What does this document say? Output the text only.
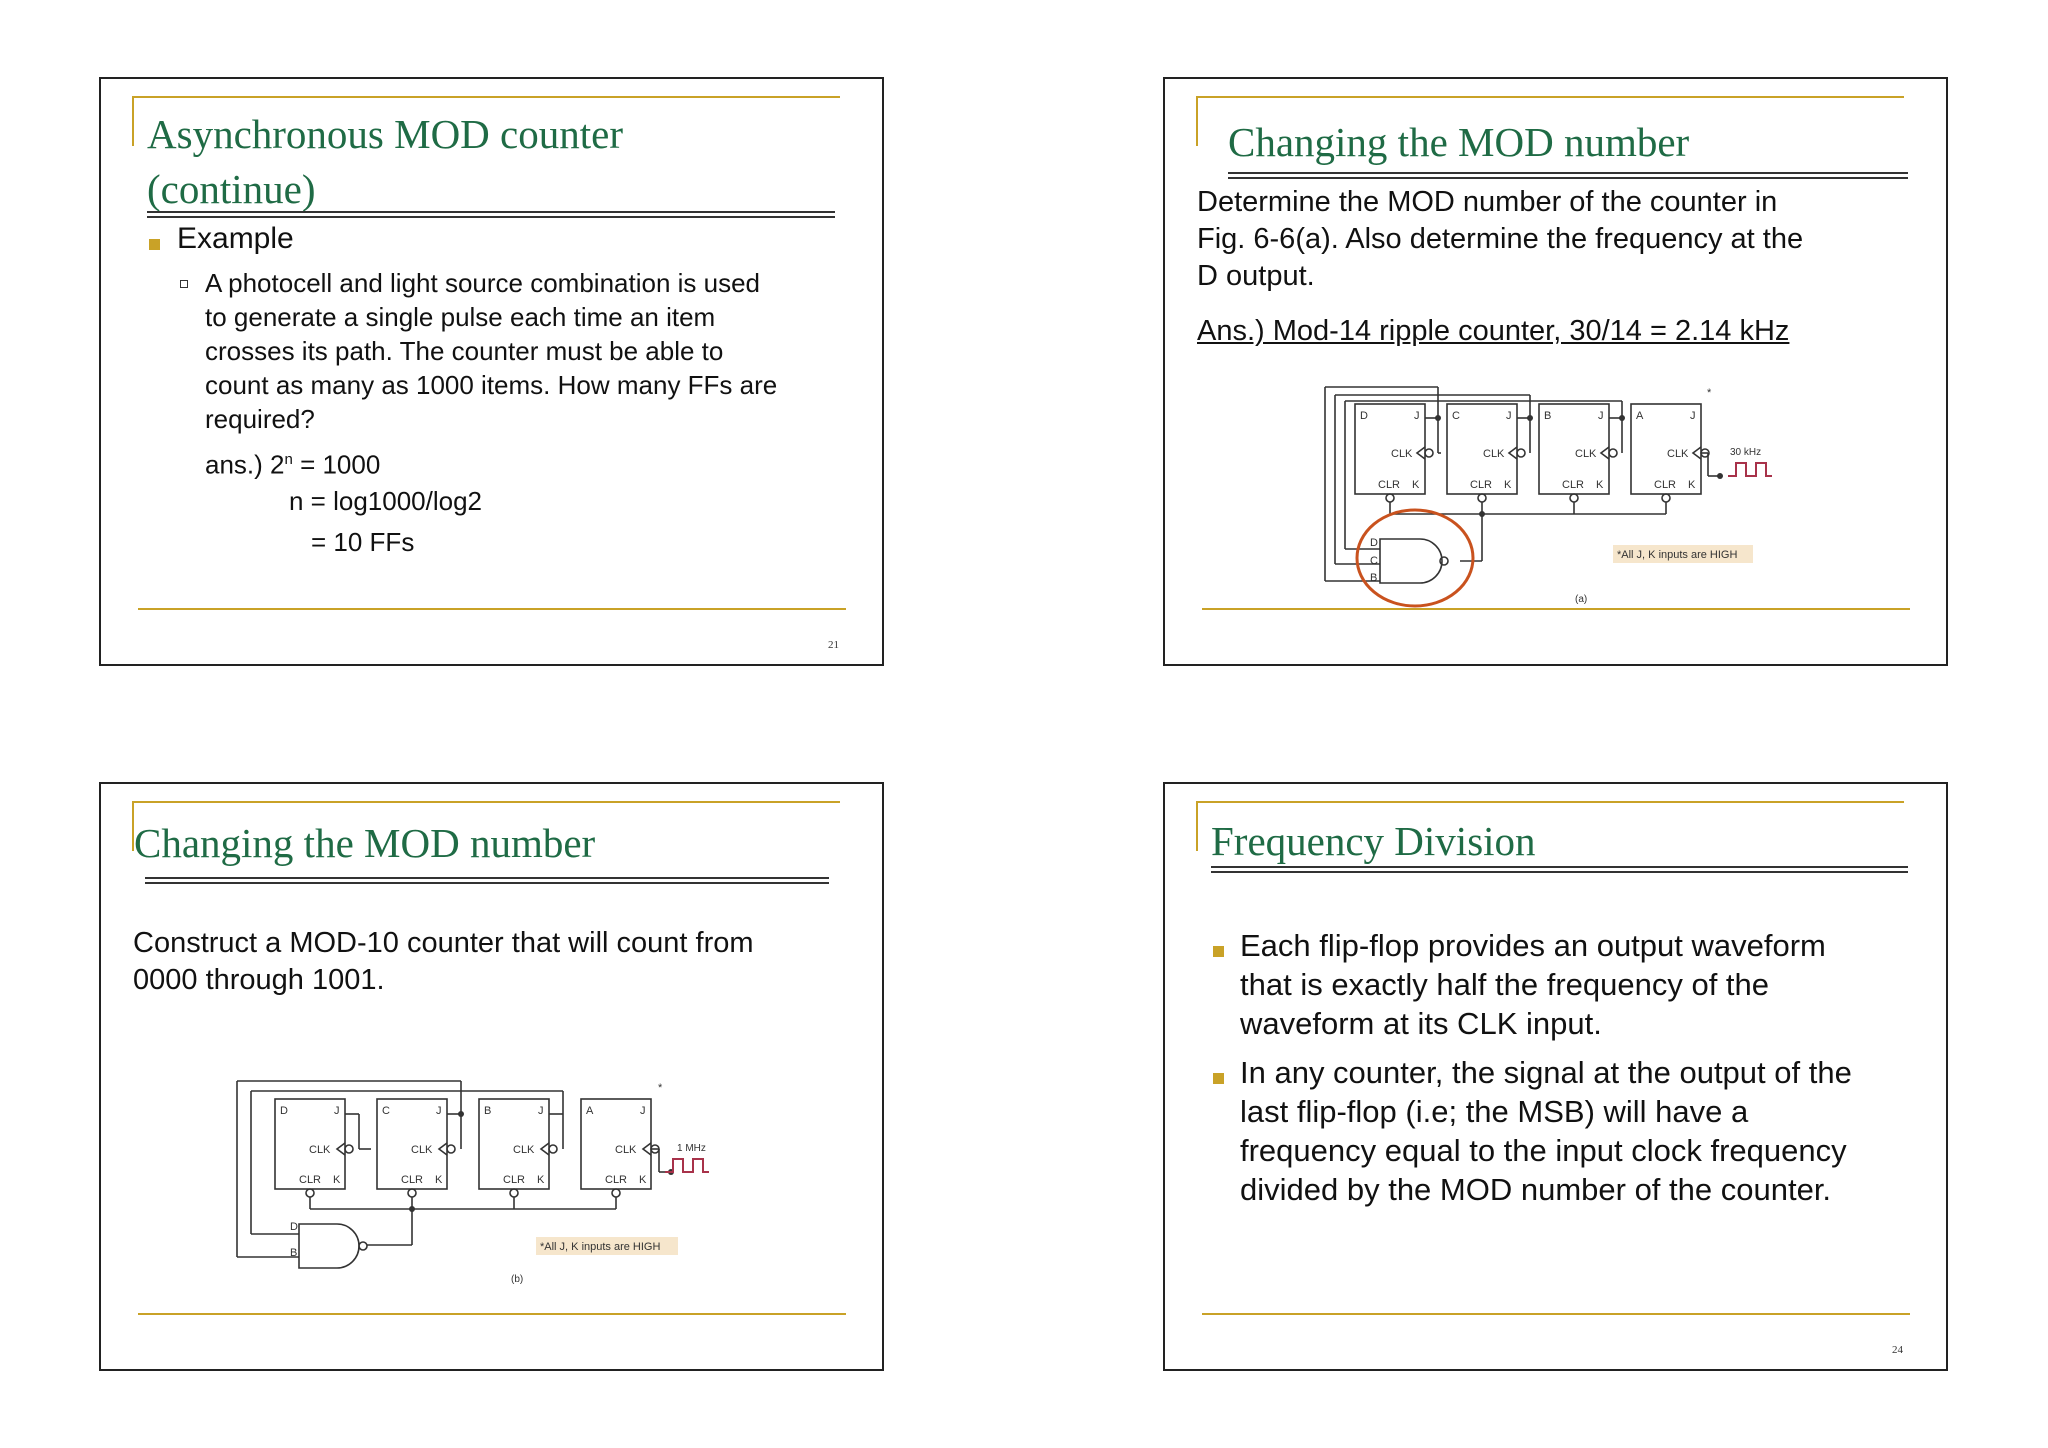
Asynchronous MOD counter
(continue)
Example
A photocell and light source combination is used
to generate a single pulse each time an item
crosses its path. The counter must be able to
count as many as 1000 items. How many FFs are
required?
ans.) $2^n = 1000$
n = log1000/log2
= 10 FFs
21
Changing the MOD number
Determine the MOD number of the counter in
Fig. 6-6(a). Also determine the frequency at the
D output.
Ans.) Mod-14 ripple counter, 30/14 = 2.14 kHz
D	C	B	A
J	J	J	J
CLK	CLK	CLK	CLK
CLR	CLR	CLR	CLR
K	K	K	K
D
C
B
*
30 kHz
(a)
*All J, K inputs are HIGH
Changing the MOD number
Construct a MOD-10 counter that will count from
0000 through 1001.
D	C	B	A
J	J	J	J
CLK	CLK	CLK	CLK
CLR	CLR	CLR	CLR
K	K	K	K
D
B
*
1 MHz
(b)
*All J, K inputs are HIGH
Frequency Division
Each flip-flop provides an output waveform
that is exactly half the frequency of the
waveform at its CLK input.
In any counter, the signal at the output of the
last flip-flop (i.e; the MSB) will have a
frequency equal to the input clock frequency
divided by the MOD number of the counter.
24
